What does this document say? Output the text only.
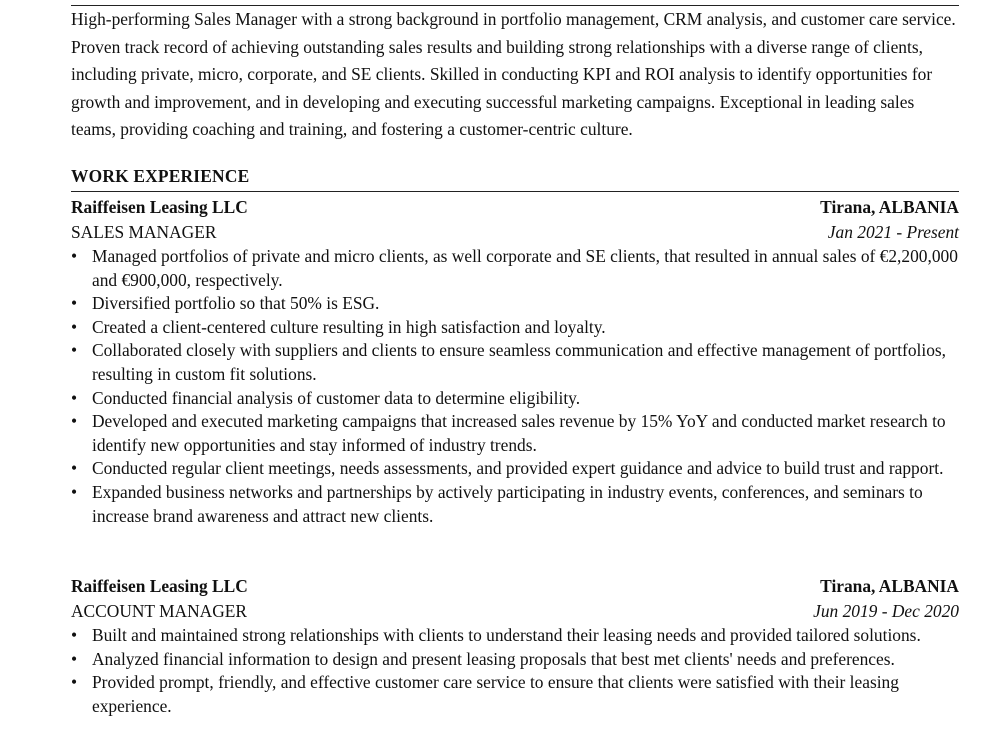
High-performing Sales Manager with a strong background in portfolio management, CRM analysis, and customer care service. Proven track record of achieving outstanding sales results and building strong relationships with a diverse range of clients, including private, micro, corporate, and SE clients. Skilled in conducting KPI and ROI analysis to identify opportunities for growth and improvement, and in developing and executing successful marketing campaigns. Exceptional in leading sales teams, providing coaching and training, and fostering a customer-centric culture.

WORK EXPERIENCE
Raiffeisen Leasing LLC	Tirana, ALBANIA
SALES MANAGER	Jan 2021 - Present
• Managed portfolios of private and micro clients, as well corporate and SE clients, that resulted in annual sales of €2,200,000 and €900,000, respectively.
• Diversified portfolio so that 50% is ESG.
• Created a client-centered culture resulting in high satisfaction and loyalty.
• Collaborated closely with suppliers and clients to ensure seamless communication and effective management of portfolios, resulting in custom fit solutions.
• Conducted financial analysis of customer data to determine eligibility.
• Developed and executed marketing campaigns that increased sales revenue by 15% YoY and conducted market research to identify new opportunities and stay informed of industry trends.
• Conducted regular client meetings, needs assessments, and provided expert guidance and advice to build trust and rapport.
• Expanded business networks and partnerships by actively participating in industry events, conferences, and seminars to increase brand awareness and attract new clients.
Raiffeisen Leasing LLC	Tirana, ALBANIA
ACCOUNT MANAGER	Jun 2019 - Dec 2020
• Built and maintained strong relationships with clients to understand their leasing needs and provided tailored solutions.
• Analyzed financial information to design and present leasing proposals that best met clients' needs and preferences.
• Provided prompt, friendly, and effective customer care service to ensure that clients were satisfied with their leasing experience.
